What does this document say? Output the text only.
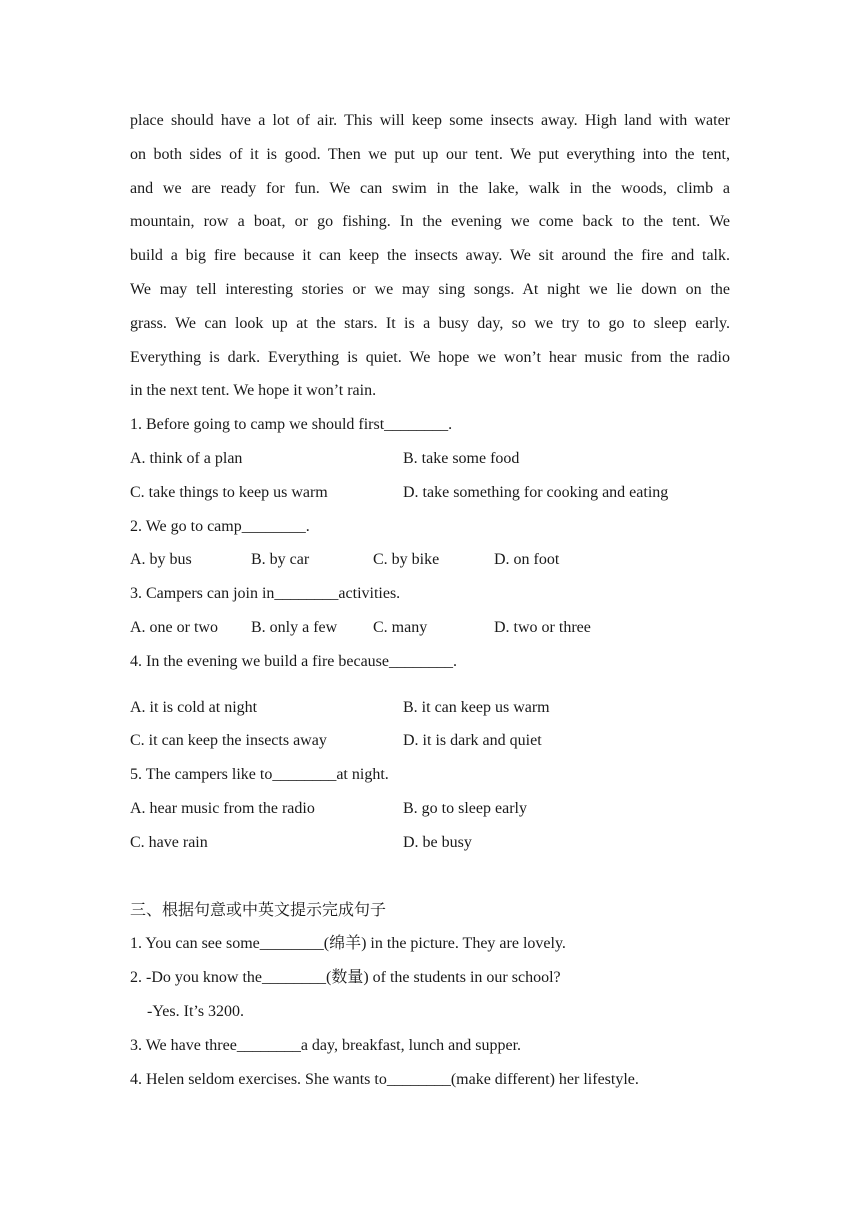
place should have a lot of air. This will keep some insects away. High land with water

on both sides of it is good. Then we put up our tent. We put everything into the tent,

and we are ready for fun. We can swim in the lake, walk in the woods, climb a

mountain, row a boat, or go fishing. In the evening we come back to the tent. We

build a big fire because it can keep the insects away. We sit around the fire and talk.

We may tell interesting stories or we may sing songs. At night we lie down on the

grass. We can look up at the stars. It is a busy day, so we try to go to sleep early.

Everything is dark. Everything is quiet. We hope we won’t hear music from the radio

in the next tent. We hope it won’t rain.

1. Before going to camp we should first________.
A. think of a plan	B. take some food
C. take things to keep us warm	D. take something for cooking and eating
2. We go to camp________.
A. by bus	B. by car	C. by bike	D. on foot
3. Campers can join in________activities.
A. one or two B. only a few C. many	D. two or three
4. In the evening we build a fire because________.
A. it is cold at night	B. it can keep us warm
C. it can keep the insects away	D. it is dark and quiet
5. The campers like to________at night.
A. hear music from the radio	B. go to sleep early
C. have rain	D. be busy
三、根据句意或中英文提示完成句子
1. You can see some________(绵羊) in the picture. They are lovely.
2. -Do you know the________(数量) of the students in our school?
-Yes. It’s 3200.
3. We have three________a day, breakfast, lunch and supper.
4. Helen seldom exercises. She wants to________(make different) her lifestyle.
